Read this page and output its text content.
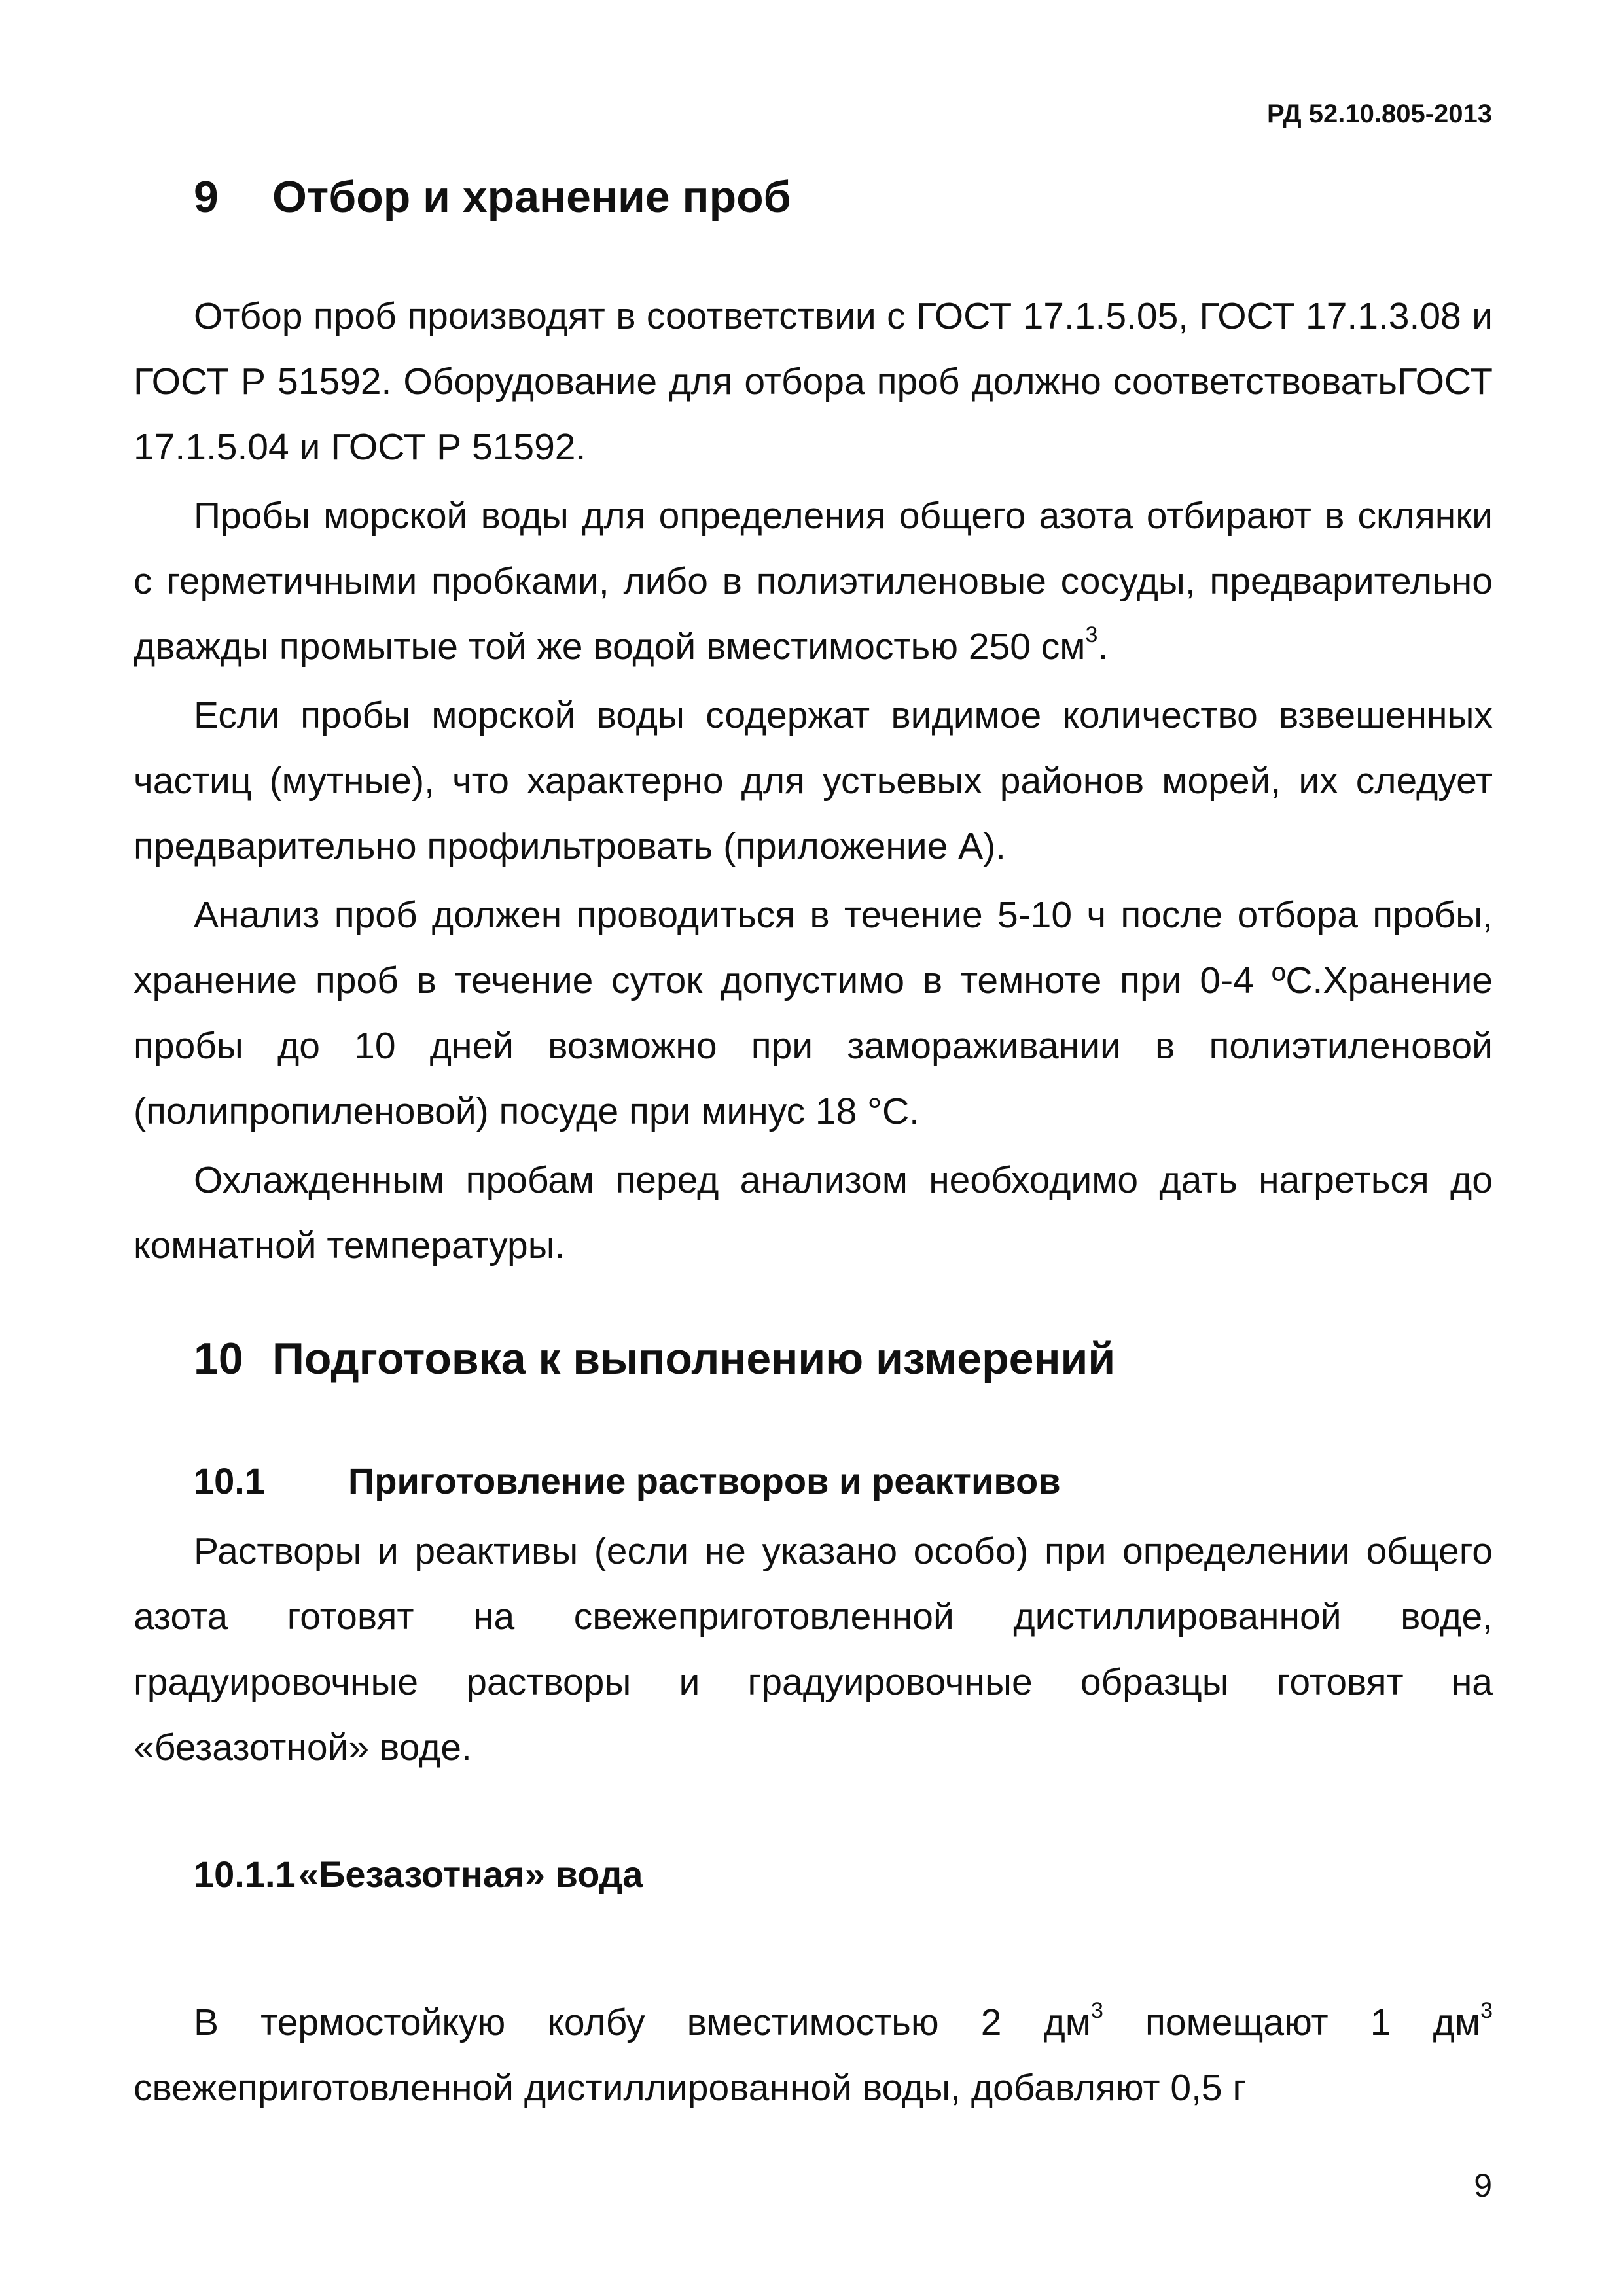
РД 52.10.805-2013
9 Отбор и хранение проб

Отбор проб производят в соответствии с ГОСТ 17.1.5.05, ГОСТ 17.1.3.08 и ГОСТ Р 51592. Оборудование для отбора проб должно соответствоватьГОСТ 17.1.5.04 и ГОСТ Р 51592.

Пробы морской воды для определения общего азота отбирают в склянки с герметичными пробками, либо в полиэтиленовые сосуды, предварительно дважды промытые той же водой вместимостью 250 $см^3$.

Если пробы морской воды содержат видимое количество взвешенных частиц (мутные), что характерно для устьевых районов морей, их следует предварительно профильтровать (приложение А).

Анализ проб должен проводиться в течение 5-10 ч после отбора пробы, хранение проб в течение суток допустимо в темноте при 0-4 ºС.Хранение пробы до 10 дней возможно при замораживании в полиэтиленовой (полипропиленовой) посуде при минус 18 °С.

Охлажденным пробам перед анализом необходимо дать нагреться до комнатной температуры.

10 Подготовка к выполнению измерений
10.1 Приготовление растворов и реактивов

Растворы и реактивы (если не указано особо) при определении общего азота готовят на свежеприготовленной дистиллированной воде, градуировочные растворы и градуировочные образцы готовят на «безазотной» воде.

10.1.1«Безазотная» вода

В термостойкую колбу вместимостью 2 $дм^3$ помещают 1 $дм^3$ свежеприготовленной дистиллированной воды, добавляют 0,5 г

9
